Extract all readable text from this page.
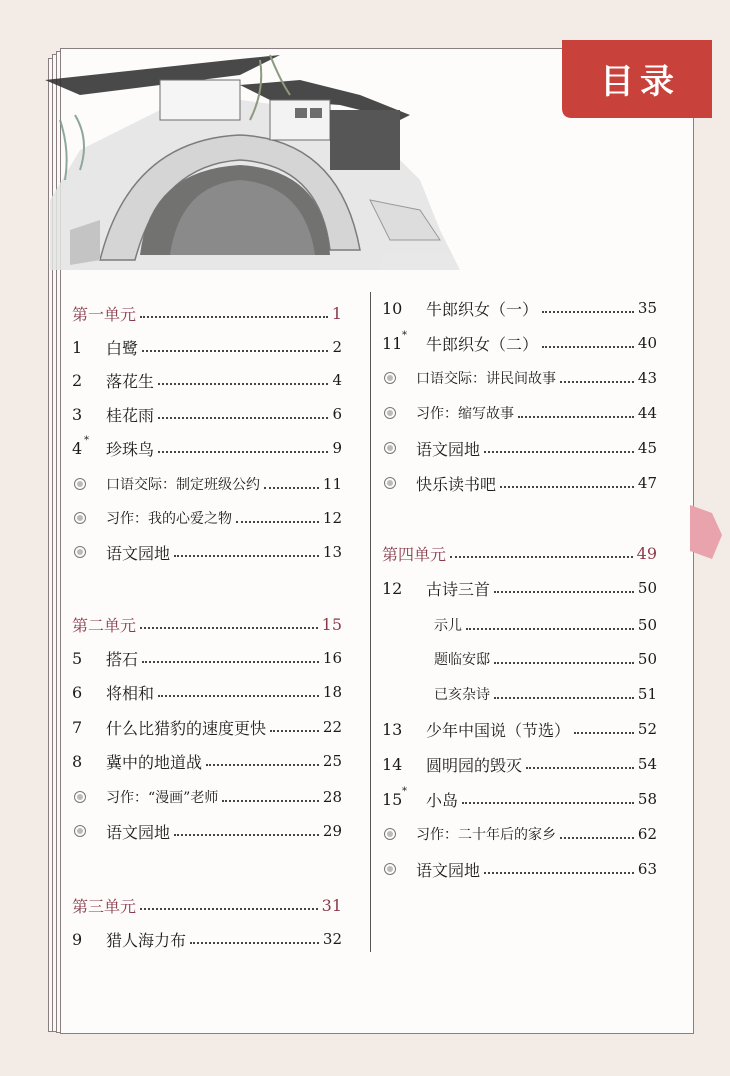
目录
第一单元	1
1	白鹭	2
2	落花生	4
3	桂花雨	6
4 * 珍珠鸟	9
口语交际：制定班级公约	11
习作：我的心爱之物	12
语文园地	13
第二单元	15
5	搭石	16
6	将相和	18
7	什么比猎豹的速度更快	22
8	冀中的地道战	25
习作：“漫画”老师	28
语文园地	29
第三单元	31
9	猎人海力布	32
10	牛郎织女（一）	35
11 * 牛郎织女（二）	40
口语交际：讲民间故事	43
习作：缩写故事	44
语文园地	45
快乐读书吧	47
第四单元	49
12	古诗三首	50
示儿	50
题临安邸	50
已亥杂诗	51
13	少年中国说（节选）	52
14	圆明园的毁灭	54
15 * 小岛	58
习作：二十年后的家乡	62
语文园地	63
